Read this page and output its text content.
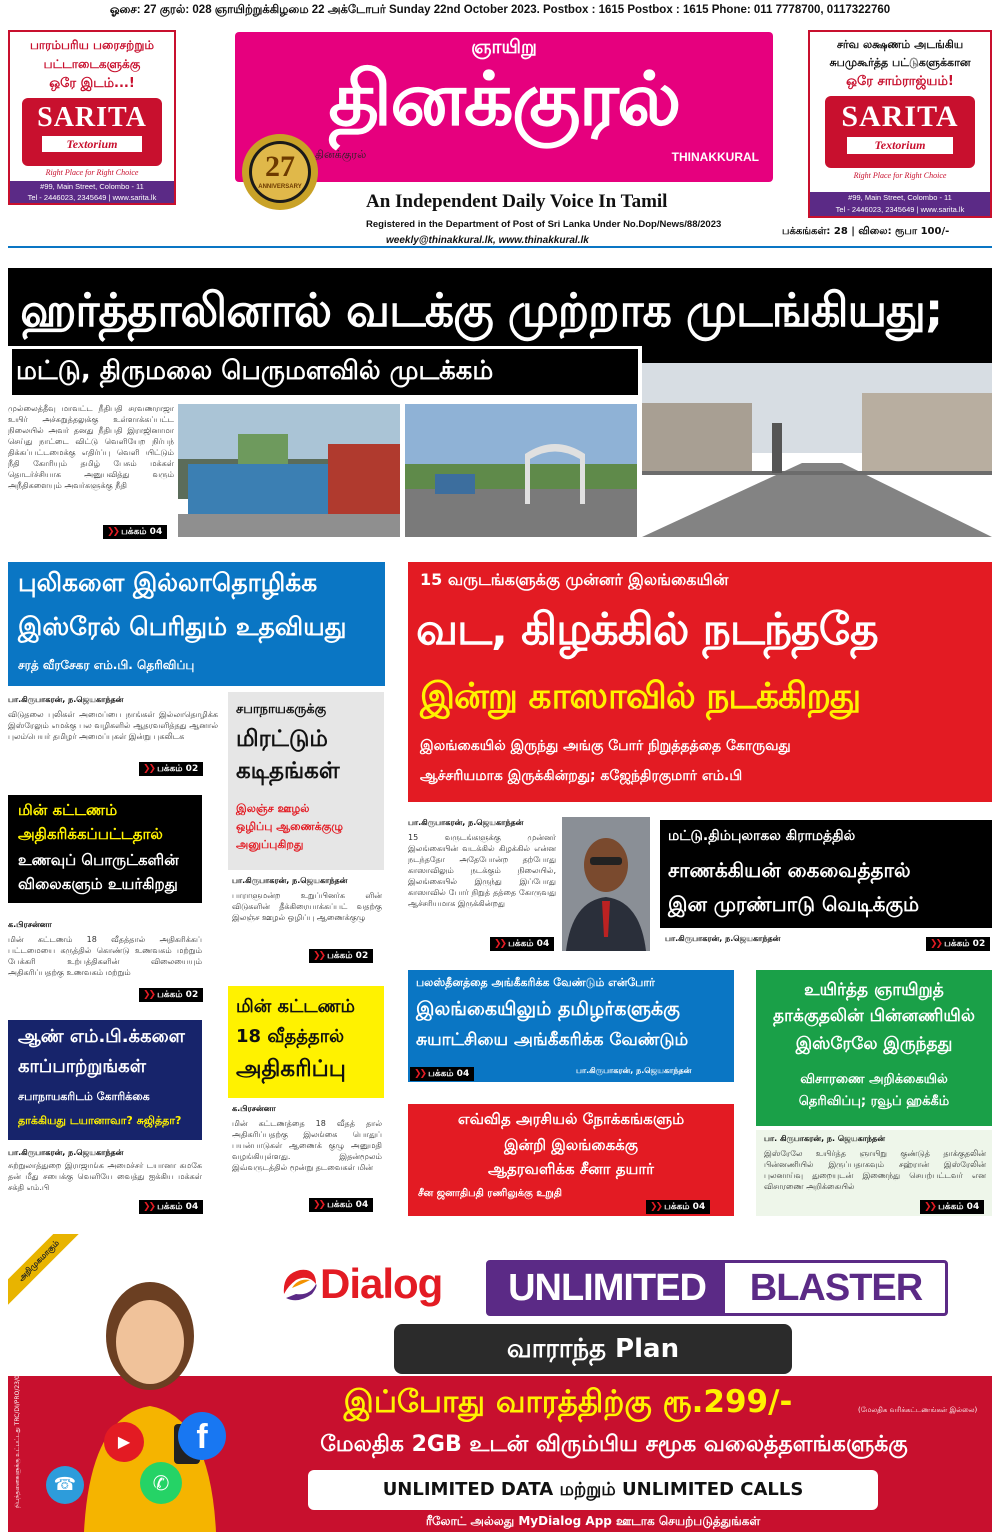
ஓசை: 27 குரல்: 028 ஞாயிற்றுக்கிழமை 22 அக்டோபர் Sunday 22nd October 2023. Postbox : 1615 Postbox : 1615 Phone: 011 7778700, 0117322760
பாரம்பரிய பரைசற்றும்
பட்டாடைகளுக்கு
ஒரே இடம்...!
SARITA
Textorium
Right Place for Right Choice
#99, Main Street, Colombo - 11
Tel - 2446023, 2345649 | www.sarita.lk
ஞாயிறு
தினக்குரல்
தினக்குரல்	THINAKKURAL
27
ANNIVERSARY
An Independent Daily Voice In Tamil
Registered in the Department of Post of Sri Lanka Under No.Dop/News/88/2023
weekly@thinakkural.lk, www.thinakkural.lk
சர்வ லக்ஷணம் அடங்கிய
சுபமுகூர்த்த பட்டுகளுக்கான
ஒரே சாம்ராஜ்யம்!
SARITA
Textorium
Right Place for Right Choice
#99, Main Street, Colombo - 11
Tel - 2446023, 2345649 | www.sarita.lk
பக்கங்கள்: 28 | விலை: ரூபா 100/-
ஹர்த்தாலினால் வடக்கு முற்றாக முடங்கியது;
மட்டு, திருமலை பெருமளவில் முடக்கம்
முல்லைத்தீவு மாவட்ட நீதிபதி சரவணராஜா உயிர் அச்சுறுத்தலுக்கு உள்ளாக்கப்பட்ட நிலையில் அவர் தனது நீதிபதி இராஜினாமா செய்து நாட்டை விட்டு வெளியேற நிர்பந் திக்கப்பட்டமைக்கு எதிர்ப்பு வெளி யிட்டும் நீதி கோரியும் தமிழ் பேசும் மக்கள் தொடர்ச்சியாக அனுபவித்து வரும் அநீதிகளையும் அவர்களுக்கு நீதி
❯❯ பக்கம் 04
புலிகளை இல்லாதொழிக்க
இஸ்ரேல் பெரிதும் உதவியது
சரத் வீரசேகர எம்.பி. தெரிவிப்பு
பா.கிருபாகரன், ந.ஜெயகாந்தன்
விடுதலை புலிகள் அமைப்பை நாங்கள் இல்லாதொழிக்க இஸ்ரேலும் எமக்கு பல வழிகளில் ஆதரவளித்தது ஆனால் புலம்பெயர் தமிழர் அமைப்புகள் இன்று புகலிடக
❯❯ பக்கம் 02
15 வருடங்களுக்கு முன்னர் இலங்கையின்
வட, கிழக்கில் நடந்ததே
இன்று காஸாவில் நடக்கிறது
இலங்கையில் இருந்து அங்கு போர் நிறுத்தத்தை கோருவது
ஆச்சரியமாக இருக்கின்றது; கஜேந்திரகுமார் எம்.பி
பா.கிருபாகரன், ந.ஜெயகாந்தன்
15 வருடங்களுக்கு முன்னர் இலங்கையின் வடக்கில் கிழக்கில் என்ன நடந்ததோ அதேபோன்ற தற்போது காஸாவிலும் நடக்கும் நிலையில், இலங்கையில் இருந்து இப்போது காஸாவில் போர் நிறுத் தத்தை கோருவது ஆச்சரியமாக இருக்கின்றது
❯❯ பக்கம் 04
சபாநாயகருக்கு
மிரட்டும்
கடிதங்கள்
இலஞ்ச ஊழல்
ஒழிப்பு ஆணைக்குழு
அனுப்புகிறது
பா.கிருபாகரன், ந.ஜெயகாந்தன்
பாராளுமன்ற உறுப்பினர்க ளின் விடுகளின் தீக்கிரையாக்கப்பட் வதற்கு இலஞ்ச ஊழல் ஒழிப்பு ஆணைக்குழு
❯❯ பக்கம் 02
மின் கட்டணம்
அதிகரிக்கப்பட்டதால்
உணவுப் பொருட்களின்
விலைகளும் உயர்கிறது
க.பிரசன்னா
மின் கட்டணம் 18 வீதத்தால் அதிகரிக்கப் பட்டமையை கருத்தில் கொண்டு உணவகம் மற்றும் பேக்கரி உற்பத்திகளின் விலையையும் அதிகரிப்பதற்கு உணவகம் மற்றும்
❯❯ பக்கம் 02
மட்டு.திம்புலாகல கிராமத்தில்
சாணக்கியன் கைவைத்தால்
இன முரண்பாடு வெடிக்கும்
பா.கிருபாகரன், ந.ஜெயகாந்தன்
❯❯ பக்கம் 02
மின் கட்டணம்
18 வீதத்தால்
அதிகரிப்பு
க.பிரசன்னா
மின் கட்டணத்தை 18 வீதத் தால் அதிகரிப்பதற்கு இலங்கை பொதுப் பயன்பாடுகள் ஆணைக் குழு அனுமதி வழங்கியுள்ளது. இதன்மூலம் இவ்வருடத்தில் மூன்று தடவைகள் மின்
❯❯ பக்கம் 04
ஆண் எம்.பி.க்களை
காப்பாற்றுங்கள்
சபாநாயகரிடம் கோரிக்கை
தாக்கியது டயானாவா? சுஜித்தா?
பா.கிருபாகரன், ந.ஜெயகாந்தன்
சுற்றுலாத்துறை இராஜாங்க அமைச்சர் டயானா கமகே தன் மீது சபைக்கு வெளியே வைத்து ஐக்கிய மக்கள் சக்தி எம்.பி
❯❯ பக்கம் 04
பலஸ்தீனத்தை அங்கீகரிக்க வேண்டும் என்போர்
இலங்கையிலும் தமிழர்களுக்கு
சுயாட்சியை அங்கீகரிக்க வேண்டும்
பா.கிருபாகரன், ந.ஜெயகாந்தன்
❯❯ பக்கம் 04
எவ்வித அரசியல் நோக்கங்களும்
இன்றி இலங்கைக்கு
ஆதரவளிக்க சீனா தயார்
சீன ஜனாதிபதி ரணிலுக்கு உறுதி
❯❯ பக்கம் 04
உயிர்த்த ஞாயிறுத்
தாக்குதலின் பின்னணியில்
இஸ்ரேலே இருந்தது
விசாரணை அறிக்கையில்
தெரிவிப்பு; ரவூப் ஹக்கீம்
பா. கிருபாகரன், ந. ஜெயகாந்தன்
இஸ்ரேலே உயிர்த்த ஞாயிறு குண்டுத் தாக்குதலின் பின்னணியில் இருப்பதாகவும் சஹ்ரான் இஸ்ரேலின் புலனாய்வு துறையுடன் இணைந்து செயற்பட்டவர் என விசாரணை அறிக்கையில்
❯❯ பக்கம் 04
அறிமுகமாகும்	Dialog	UNLIMITED	BLASTER
வாராந்த Plan
f
▶
✆
☎
இப்போது வாரத்திற்கு ரூ.299/-	(மேலதிக வரிக்கட்டணங்கள் இல்லை)
மேலதிக 2GB உடன் விரும்பிய சமூக வலைத்தளங்களுக்கு
UNLIMITED DATA மற்றும் UNLIMITED CALLS
ரீலோட் அல்லது MyDialog App ஊடாக செயற்படுத்துங்கள்
நிபந்தனைகளுக்கு உட்பட்டது TRC/DI/PRO/23/01
